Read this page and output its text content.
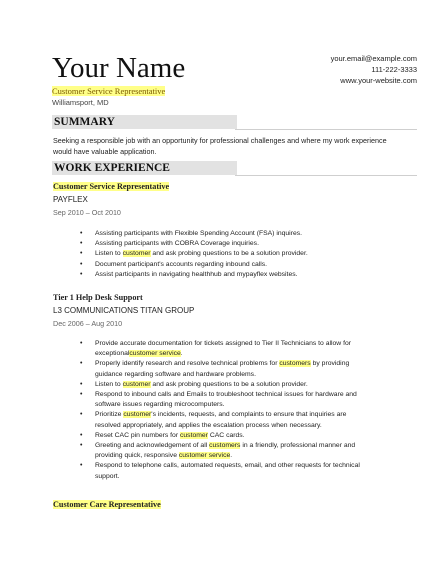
Your Name
Customer Service Representative
Williamsport, MD
your.email@example.com
111-222-3333
www.your-website.com
SUMMARY
Seeking a responsible job with an opportunity for professional challenges and where my work experience
would have valuable application.
WORK EXPERIENCE
Customer Service Representative
PAYFLEX
Sep 2010 – Oct 2010
• Assisting participants with Flexible Spending Account (FSA) inquires.
• Assisting participants with COBRA Coverage inquiries.
• Listen to customer and ask probing questions to be a solution provider.
• Document participant's accounts regarding inbound calls.
• Assist participants in navigating healthhub and mypayflex websites.
Tier 1 Help Desk Support
L3 COMMUNICATIONS TITAN GROUP
Dec 2006 – Aug 2010
• Provide accurate documentation for tickets assigned to Tier II Technicians to allow for
exceptionalcustomer service.
• Properly identify research and resolve technical problems for customers by providing
guidance regarding software and hardware problems.
• Listen to customer and ask probing questions to be a solution provider.
• Respond to inbound calls and Emails to troubleshoot technical issues for hardware and
software issues regarding microcomputers.
• Prioritize customer's incidents, requests, and complaints to ensure that inquiries are
resolved appropriately, and applies the escalation process when necessary.
• Reset CAC pin numbers for customer CAC cards.
• Greeting and acknowledgement of all customers in a friendly, professional manner and
providing quick, responsive customer service.
• Respond to telephone calls, automated requests, email, and other requests for technical
support.
Customer Care Representative
